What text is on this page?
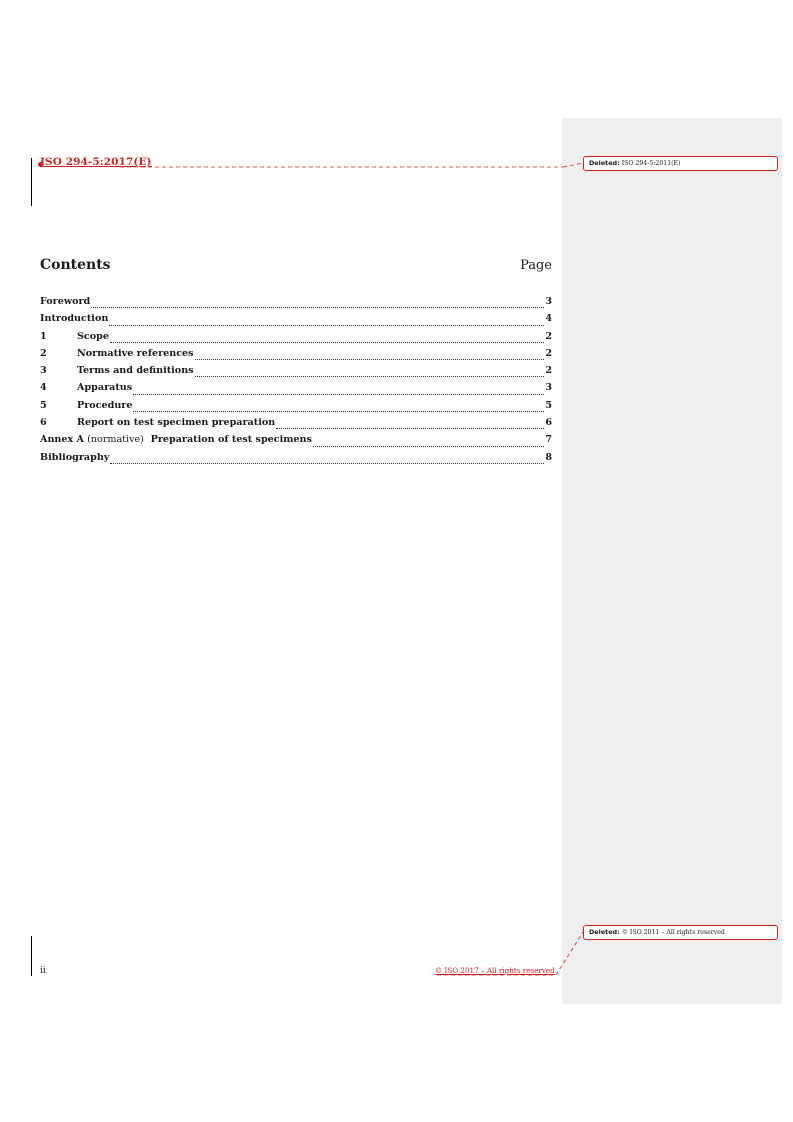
ISO 294-5:2017(E)	Deleted: ISO 294-5:2011(E)
Deleted: © ISO 2011 – All rights reserved
Contents	Page
Foreword	3
Introduction	4
1	Scope	2
2	Normative references	2
3	Terms and definitions	2
4	Apparatus	3
5	Procedure	5
6	Report on test specimen preparation	6
Annex A (normative)  Preparation of test specimens	7
Bibliography	8
ii	© ISO 2017 – All rights reserved
